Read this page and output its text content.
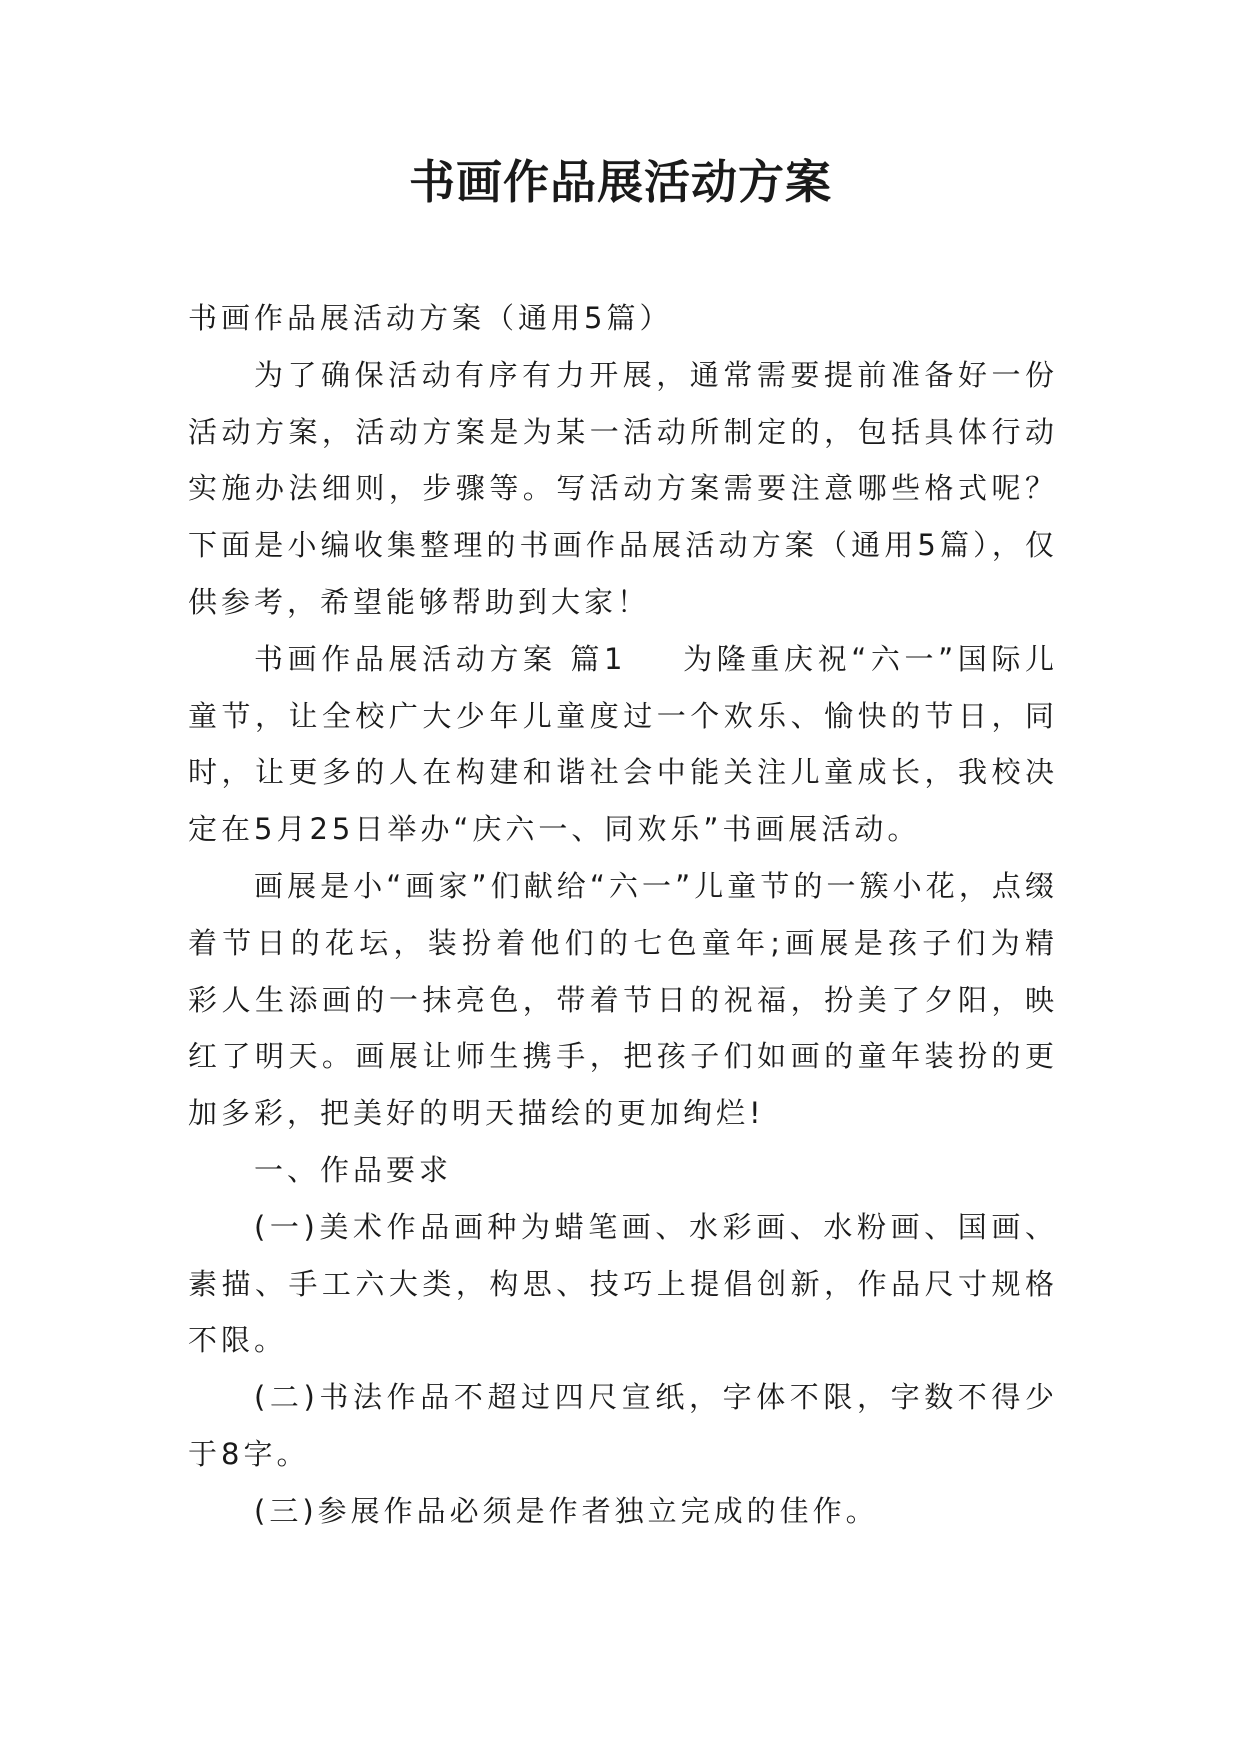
书画作品展活动方案

书画作品展活动方案（通用5篇）

为了确保活动有序有力开展，通常需要提前准备好一份活动方案，活动方案是为某一活动所制定的，包括具体行动实施办法细则，步骤等。写活动方案需要注意哪些格式呢？下面是小编收集整理的书画作品展活动方案（通用5篇），仅供参考，希望能够帮助到大家！

书画作品展活动方案 篇1 为隆重庆祝“六一”国际儿童节，让全校广大少年儿童度过一个欢乐、愉快的节日，同时，让更多的人在构建和谐社会中能关注儿童成长，我校决定在5月25日举办“庆六一、同欢乐”书画展活动。

画展是小“画家”们献给“六一”儿童节的一簇小花，点缀着节日的花坛，装扮着他们的七色童年;画展是孩子们为精彩人生添画的一抹亮色，带着节日的祝福，扮美了夕阳，映红了明天。画展让师生携手，把孩子们如画的童年装扮的更加多彩，把美好的明天描绘的更加绚烂!

一、作品要求

(一)美术作品画种为蜡笔画、水彩画、水粉画、国画、素描、手工六大类，构思、技巧上提倡创新，作品尺寸规格不限。

(二)书法作品不超过四尺宣纸，字体不限，字数不得少于8字。

(三)参展作品必须是作者独立完成的佳作。
